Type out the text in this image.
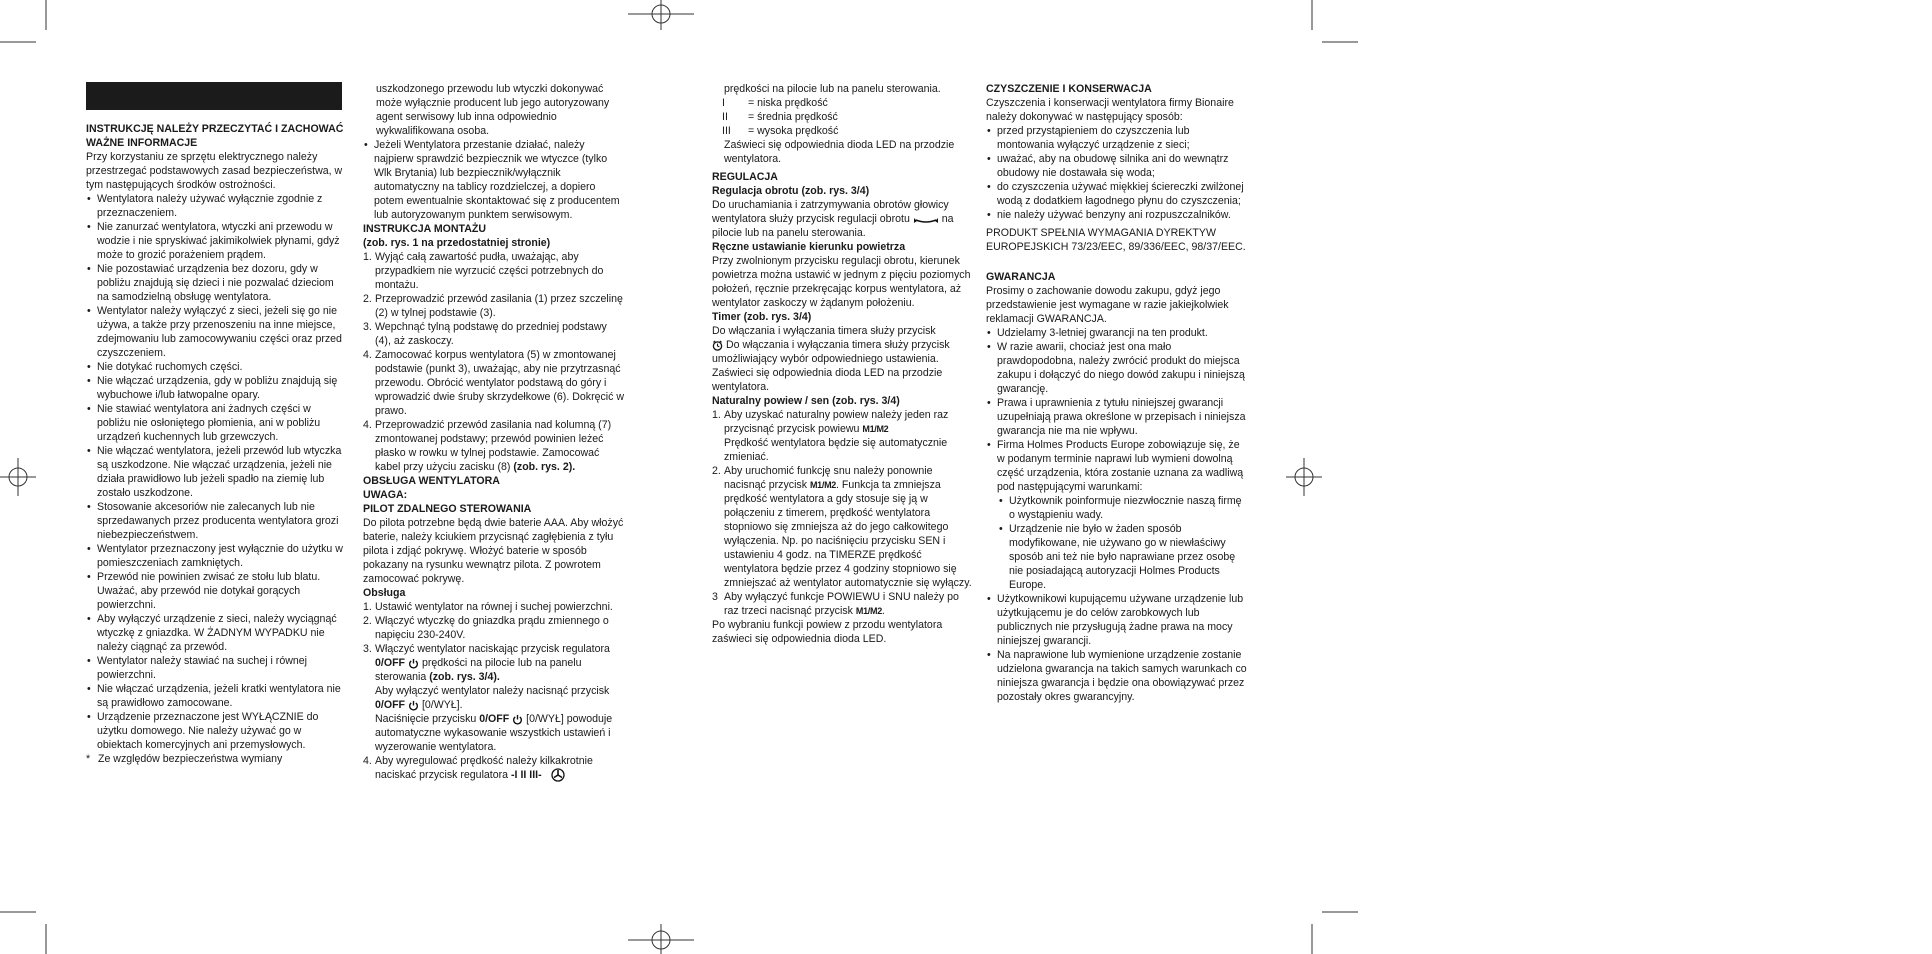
INSTRUKCJĘ NALEŻY PRZECZYTAĆ I ZACHOWAĆ

WAŻNE INFORMACJE

Przy korzystaniu ze sprzętu elektrycznego należy przestrzegać podstawowych zasad bezpieczeństwa, w tym następujących środków ostrożności.

• Wentylatora należy używać wyłącznie zgodnie z przeznaczeniem.
• Nie zanurzać wentylatora, wtyczki ani przewodu w wodzie i nie spryskiwać jakimikolwiek płynami, gdyż może to grozić porażeniem prądem.
• Nie pozostawiać urządzenia bez dozoru, gdy w pobliżu znajdują się dzieci i nie pozwalać dzieciom na samodzielną obsługę wentylatora.
• Wentylator należy wyłączyć z sieci, jeżeli się go nie używa, a także przy przenoszeniu na inne miejsce, zdejmowaniu lub zamocowywaniu części oraz przed czyszczeniem.
• Nie dotykać ruchomych części.
• Nie włączać urządzenia, gdy w pobliżu znajdują się wybuchowe i/lub łatwopalne opary.
• Nie stawiać wentylatora ani żadnych części w pobliżu nie osłoniętego płomienia, ani w pobliżu urządzeń kuchennych lub grzewczych.
• Nie włączać wentylatora, jeżeli przewód lub wtyczka są uszkodzone. Nie włączać urządzenia, jeżeli nie działa prawidłowo lub jeżeli spadło na ziemię lub zostało uszkodzone.
• Stosowanie akcesoriów nie zalecanych lub nie sprzedawanych przez producenta wentylatora grozi niebezpieczeństwem.
• Wentylator przeznaczony jest wyłącznie do użytku w pomieszczeniach zamkniętych.
• Przewód nie powinien zwisać ze stołu lub blatu. Uważać, aby przewód nie dotykał gorących powierzchni.
• Aby wyłączyć urządzenie z sieci, należy wyciągnąć wtyczkę z gniazdka. W ŻADNYM WYPADKU nie należy ciągnąć za przewód.
• Wentylator należy stawiać na suchej i równej powierzchni.
• Nie włączać urządzenia, jeżeli kratki wentylatora nie są prawidłowo zamocowane.
• Urządzenie przeznaczone jest WYŁĄCZNIE do użytku domowego. Nie należy używać go w obiektach komercyjnych ani przemysłowych.
* Ze względów bezpieczeństwa wymiany

uszkodzonego przewodu lub wtyczki dokonywać może wyłącznie producent lub jego autoryzowany agent serwisowy lub inna odpowiednio wykwalifikowana osoba.

• Jeżeli Wentylatora przestanie działać, należy najpierw sprawdzić bezpiecznik we wtyczce (tylko Wlk Brytania) lub bezpiecznik/wyłącznik automatyczny na tablicy rozdzielczej, a dopiero potem ewentualnie skontaktować się z producentem lub autoryzowanym punktem serwisowym.

INSTRUKCJA MONTAŻU

(zob. rys. 1 na przedostatniej stronie)

1. Wyjąć całą zawartość pudła, uważając, aby przypadkiem nie wyrzucić części potrzebnych do montażu.
2. Przeprowadzić przewód zasilania (1) przez szczelinę (2) w tylnej podstawie (3).
3. Wepchnąć tylną podstawę do przedniej podstawy (4), aż zaskoczy.
4. Zamocować korpus wentylatora (5) w zmontowanej podstawie (punkt 3), uważając, aby nie przytrzasnąć przewodu. Obrócić wentylator podstawą do góry i wprowadzić dwie śruby skrzydełkowe (6). Dokręcić w prawo.
4. Przeprowadzić przewód zasilania nad kolumną (7) zmontowanej podstawy; przewód powinien leżeć płasko w rowku w tylnej podstawie. Zamocować kabel przy użyciu zacisku (8) (zob. rys. 2).

OBSŁUGA WENTYLATORA

UWAGA:

PILOT ZDALNEGO STEROWANIA

Do pilota potrzebne będą dwie baterie AAA. Aby włożyć baterie, należy kciukiem przycisnąć zagłębienia z tyłu pilota i zdjąć pokrywę. Włożyć baterie w sposób pokazany na rysunku wewnątrz pilota. Z powrotem zamocować pokrywę.

Obsługa

1. Ustawić wentylator na równej i suchej powierzchni.
2. Włączyć wtyczkę do gniazdka prądu zmiennego o napięciu 230-240V.
3. Włączyć wentylator naciskając przycisk regulatora 0/OFF prędkości na pilocie lub na panelu sterowania (zob. rys. 3/4).
Aby wyłączyć wentylator należy nacisnąć przycisk 0/OFF [0/WYŁ].
Naciśnięcie przycisku 0/OFF [0/WYŁ] powoduje automatyczne wykasowanie wszystkich ustawień i wyzerowanie wentylatora.
4. Aby wyregulować prędkość należy kilkakrotnie naciskać przycisk regulatora -I II III-

prędkości na pilocie lub na panelu sterowania.

I	= niska prędkość
II	= średnia prędkość
III	= wysoka prędkość

Zaświeci się odpowiednia dioda LED na przodzie wentylatora.

REGULACJA

Regulacja obrotu (zob. rys. 3/4)

Do uruchamiania i zatrzymywania obrotów głowicy wentylatora służy przycisk regulacji obrotu	na pilocie lub na panelu sterowania.

Ręczne ustawianie kierunku powietrza

Przy zwolnionym przycisku regulacji obrotu, kierunek powietrza można ustawić w jednym z pięciu poziomych położeń, ręcznie przekręcając korpus wentylatora, aż wentylator zaskoczy w żądanym położeniu.

Timer (zob. rys. 3/4)

Do włączania i wyłączania timera służy przycisk

Do włączania i wyłączania timera służy przycisk umożliwiający wybór odpowiedniego ustawienia. Zaświeci się odpowiednia dioda LED na przodzie wentylatora.

Naturalny powiew / sen (zob. rys. 3/4)

1. Aby uzyskać naturalny powiew należy jeden raz przycisnąć przycisk powiewu M1/M2
Prędkość wentylatora będzie się automatycznie zmieniać.
2. Aby uruchomić funkcję snu należy ponownie nacisnąć przycisk M1/M2. Funkcja ta zmniejsza prędkość wentylatora a gdy stosuje się ją w połączeniu z timerem, prędkość wentylatora stopniowo się zmniejsza aż do jego całkowitego wyłączenia. Np. po naciśnięciu przycisku SEN i ustawieniu 4 godz. na TIMERZE prędkość wentylatora będzie przez 4 godziny stopniowo się zmniejszać aż wentylator automatycznie się wyłączy.
3 Aby wyłączyć funkcje POWIEWU i SNU należy po raz trzeci nacisnąć przycisk M1/M2.

Po wybraniu funkcji powiew z przodu wentylatora zaświeci się odpowiednia dioda LED.

CZYSZCZENIE I KONSERWACJA

Czyszczenia i konserwacji wentylatora firmy Bionaire należy dokonywać w następujący sposób:

• przed przystąpieniem do czyszczenia lub montowania wyłączyć urządzenie z sieci;
• uważać, aby na obudowę silnika ani do wewnątrz obudowy nie dostawała się woda;
• do czyszczenia używać miękkiej ściereczki zwilżonej wodą z dodatkiem łagodnego płynu do czyszczenia;
• nie należy używać benzyny ani rozpuszczalników.

PRODUKT SPEŁNIA WYMAGANIA DYREKTYW EUROPEJSKICH 73/23/EEC, 89/336/EEC, 98/37/EEC.

GWARANCJA

Prosimy o zachowanie dowodu zakupu, gdyż jego przedstawienie jest wymagane w razie jakiejkolwiek reklamacji GWARANCJA.

• Udzielamy 3-letniej gwarancji na ten produkt.
• W razie awarii, chociaż jest ona mało prawdopodobna, należy zwrócić produkt do miejsca zakupu i dołączyć do niego dowód zakupu i niniejszą gwarancję.
• Prawa i uprawnienia z tytułu niniejszej gwarancji uzupełniają prawa określone w przepisach i niniejsza gwarancja nie ma nie wpływu.
• Firma Holmes Products Europe zobowiązuje się, że w podanym terminie naprawi lub wymieni dowolną część urządzenia, która zostanie uznana za wadliwą pod następującymi warunkami:
• Użytkownik poinformuje niezwłocznie naszą firmę o wystąpieniu wady.
• Urządzenie nie było w żaden sposób modyfikowane, nie używano go w niewłaściwy sposób ani też nie było naprawiane przez osobę nie posiadającą autoryzacji Holmes Products Europe.
• Użytkownikowi kupującemu używane urządzenie lub użytkującemu je do celów zarobkowych lub publicznych nie przysługują żadne prawa na mocy niniejszej gwarancji.
• Na naprawione lub wymienione urządzenie zostanie udzielona gwarancja na takich samych warunkach co niniejsza gwarancja i będzie ona obowiązywać przez pozostały okres gwarancyjny.
